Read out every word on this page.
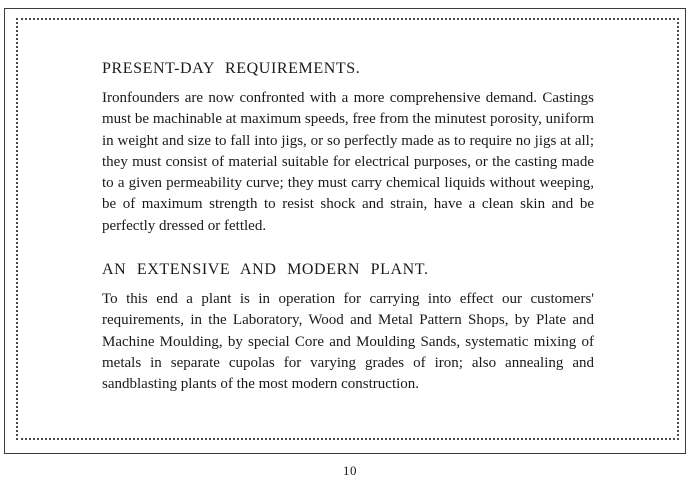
PRESENT-DAY REQUIREMENTS.

Ironfounders are now confronted with a more comprehensive demand. Castings must be machinable at maximum speeds, free from the minutest porosity, uniform in weight and size to fall into jigs, or so perfectly made as to require no jigs at all; they must consist of material suitable for electrical purposes, or the casting made to a given permeability curve; they must carry chemical liquids without weeping, be of maximum strength to resist shock and strain, have a clean skin and be perfectly dressed or fettled.

AN EXTENSIVE AND MODERN PLANT.

To this end a plant is in operation for carrying into effect our customers' requirements, in the Laboratory, Wood and Metal Pattern Shops, by Plate and Machine Moulding, by special Core and Moulding Sands, systematic mixing of metals in separate cupolas for varying grades of iron; also annealing and sandblasting plants of the most modern construction.

10
